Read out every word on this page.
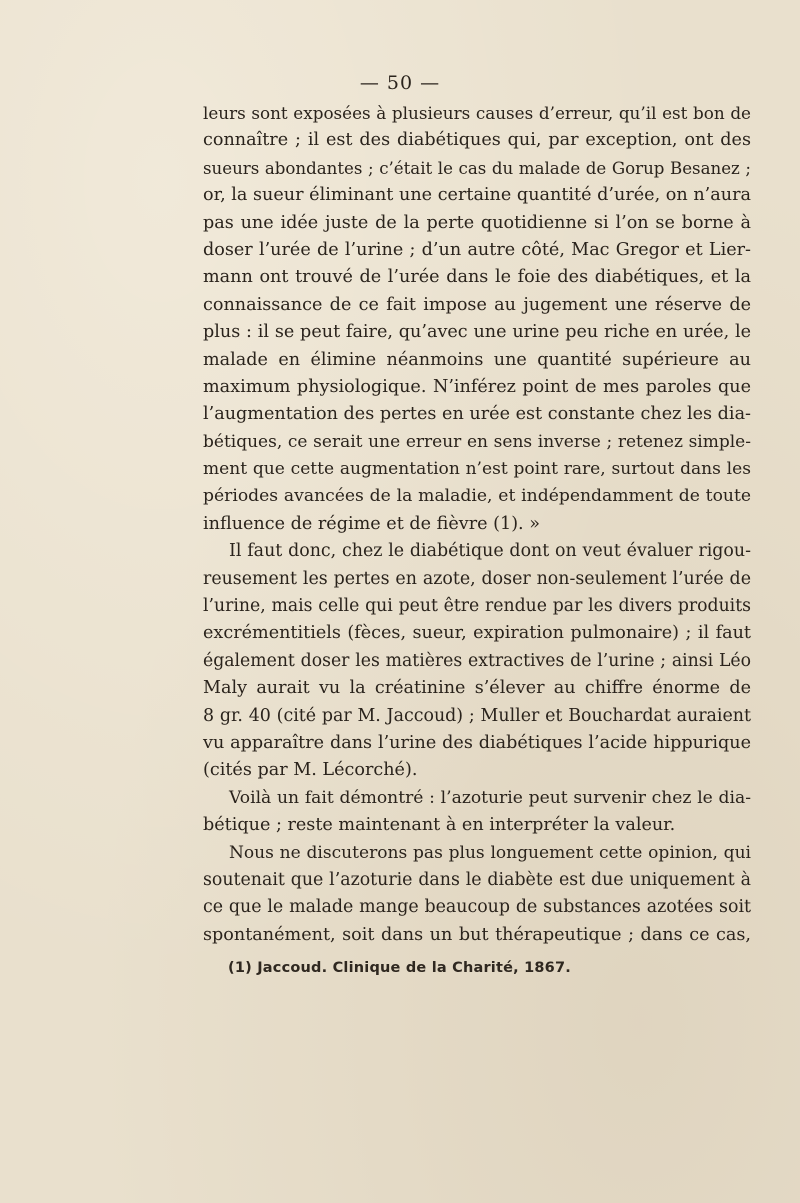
— 50 —
leurs sont exposées à plusieurs causes d’erreur, qu’il est bon de
connaître ; il est des diabétiques qui, par exception, ont des
sueurs abondantes ; c’était le cas du malade de Gorup Besanez ;
or, la sueur éliminant une certaine quantité d’urée, on n’aura
pas une idée juste de la perte quotidienne si l’on se borne à
doser l’urée de l’urine ; d’un autre côté, Mac Gregor et Lier-
mann ont trouvé de l’urée dans le foie des diabétiques, et la
connaissance de ce fait impose au jugement une réserve de
plus : il se peut faire, qu’avec une urine peu riche en urée, le
malade en élimine néanmoins une quantité supérieure au
maximum physiologique. N’inférez point de mes paroles que
l’augmentation des pertes en urée est constante chez les dia-
bétiques, ce serait une erreur en sens inverse ; retenez simple-
ment que cette augmentation n’est point rare, surtout dans les
périodes avancées de la maladie, et indépendamment de toute
influence de régime et de fièvre (1). »
Il faut donc, chez le diabétique dont on veut évaluer rigou-
reusement les pertes en azote, doser non-seulement l’urée de
l’urine, mais celle qui peut être rendue par les divers produits
excrémentitiels (fèces, sueur, expiration pulmonaire) ; il faut
également doser les matières extractives de l’urine ; ainsi Léo
Maly aurait vu la créatinine s’élever au chiffre énorme de
8 gr. 40 (cité par M. Jaccoud) ; Muller et Bouchardat auraient
vu apparaître dans l’urine des diabétiques l’acide hippurique
(cités par M. Lécorché).
Voilà un fait démontré : l’azoturie peut survenir chez le dia-
bétique ; reste maintenant à en interpréter la valeur.
Nous ne discuterons pas plus longuement cette opinion, qui
soutenait que l’azoturie dans le diabète est due uniquement à
ce que le malade mange beaucoup de substances azotées soit
spontanément, soit dans un but thérapeutique ; dans ce cas,
(1) Jaccoud. Clinique de la Charité, 1867.
